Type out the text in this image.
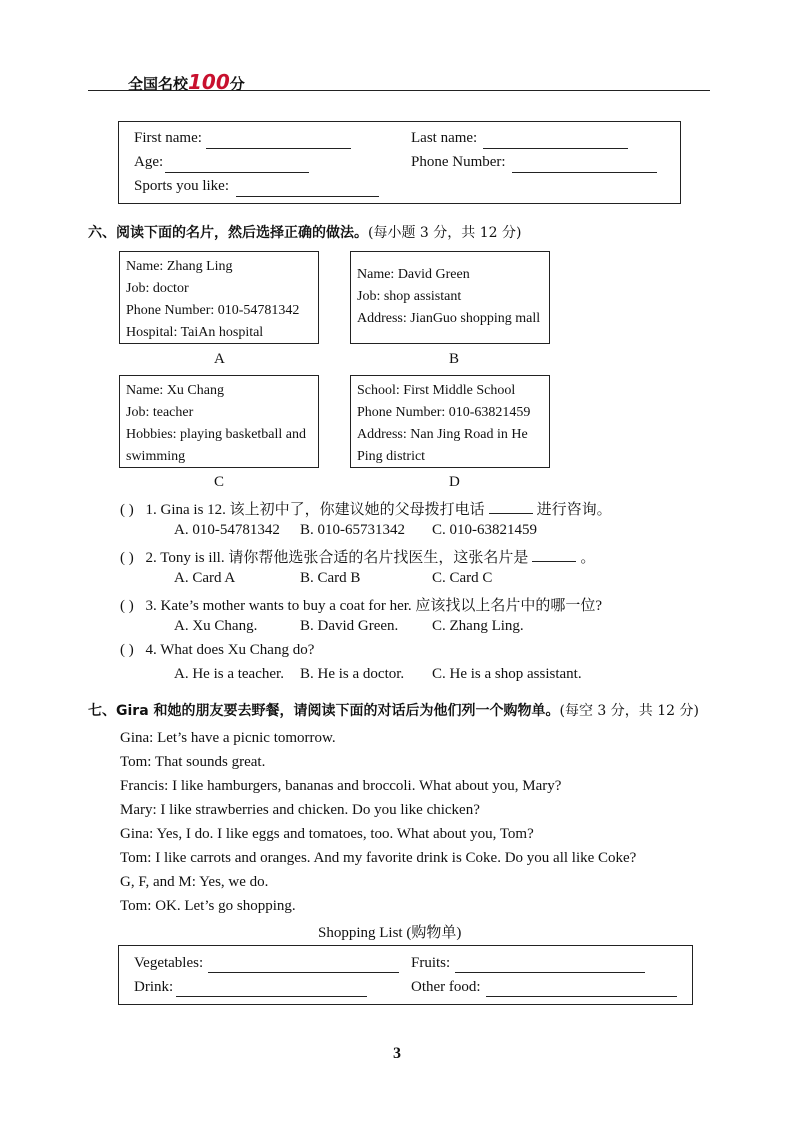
全国名校100分
First name:	Last name:
Age:	Phone Number:
Sports you like:
六、阅读下面的名片，然后选择正确的做法。(每小题 3 分，共 12 分)
Name: Zhang Ling
Job: doctor
Phone Number: 010-54781342
Hospital: TaiAn hospital
A
Name: David Green
Job: shop assistant
Address: JianGuo shopping mall
B
Name: Xu Chang
Job: teacher
Hobbies: playing basketball and
swimming
C
School: First Middle School
Phone Number: 010-63821459
Address: Nan Jing Road in He
Ping district
D
( ) 1. Gina is 12. 该上初中了，你建议她的父母拨打电话	进行咨询。
A. 010-54781342 B. 010-65731342 C. 010-63821459
( ) 2. Tony is ill. 请你帮他选张合适的名片找医生，这张名片是	。
A. Card A	B. Card B	C. Card C
( ) 3. Kate’s mother wants to buy a coat for her. 应该找以上名片中的哪一位?
A. Xu Chang.	B. David Green. C. Zhang Ling.
( ) 4. What does Xu Chang do?
A. He is a teacher. B. He is a doctor. C. He is a shop assistant.
七、Gira 和她的朋友要去野餐，请阅读下面的对话后为他们列一个购物单。(每空 3 分，共 12 分)
Gina: Let’s have a picnic tomorrow.
Tom: That sounds great.
Francis: I like hamburgers, bananas and broccoli. What about you, Mary?
Mary: I like strawberries and chicken. Do you like chicken?
Gina: Yes, I do. I like eggs and tomatoes, too. What about you, Tom?
Tom: I like carrots and oranges. And my favorite drink is Coke. Do you all like Coke?
G, F, and M: Yes, we do.
Tom: OK. Let’s go shopping.
Shopping List (购物单)
Vegetables:	Fruits:
Drink:	Other food:
3
